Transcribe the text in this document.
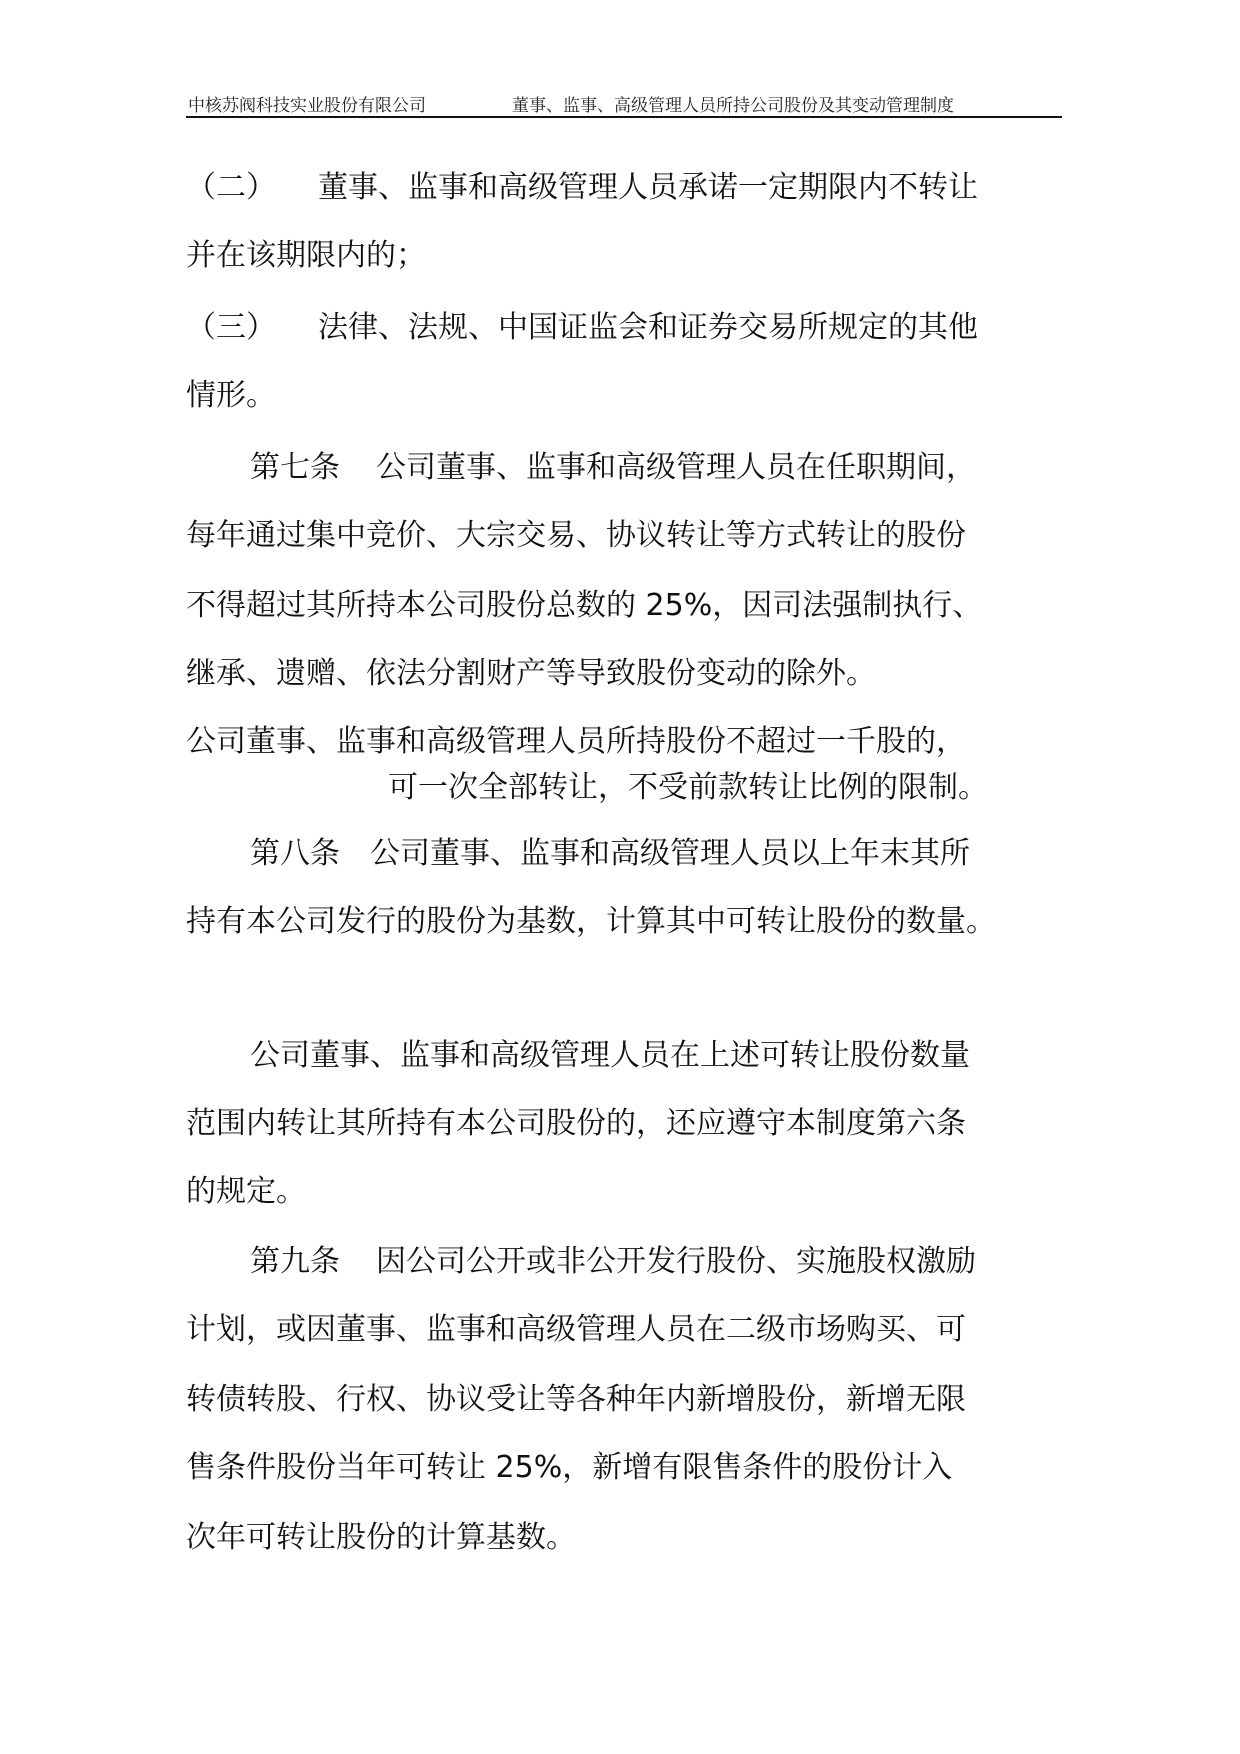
中核苏阀科技实业股份有限公司	董事、监事、高级管理人员所持公司股份及其变动管理制度
（二） 董事、监事和高级管理人员承诺一定期限内不转让
并在该期限内的；
（三） 法律、法规、中国证监会和证券交易所规定的其他
情形。
第七条 公司董事、监事和高级管理人员在任职期间，
每年通过集中竞价、大宗交易、协议转让等方式转让的股份
不得超过其所持本公司股份总数的 25%，因司法强制执行、
继承、遗赠、依法分割财产等导致股份变动的除外。
公司董事、监事和高级管理人员所持股份不超过一千股的，
可一次全部转让，不受前款转让比例的限制。
第八条 公司董事、监事和高级管理人员以上年末其所
持有本公司发行的股份为基数，计算其中可转让股份的数量。
公司董事、监事和高级管理人员在上述可转让股份数量
范围内转让其所持有本公司股份的，还应遵守本制度第六条
的规定。
第九条 因公司公开或非公开发行股份、实施股权激励
计划，或因董事、监事和高级管理人员在二级市场购买、可
转债转股、行权、协议受让等各种年内新增股份，新增无限
售条件股份当年可转让 25%，新增有限售条件的股份计入
次年可转让股份的计算基数。
